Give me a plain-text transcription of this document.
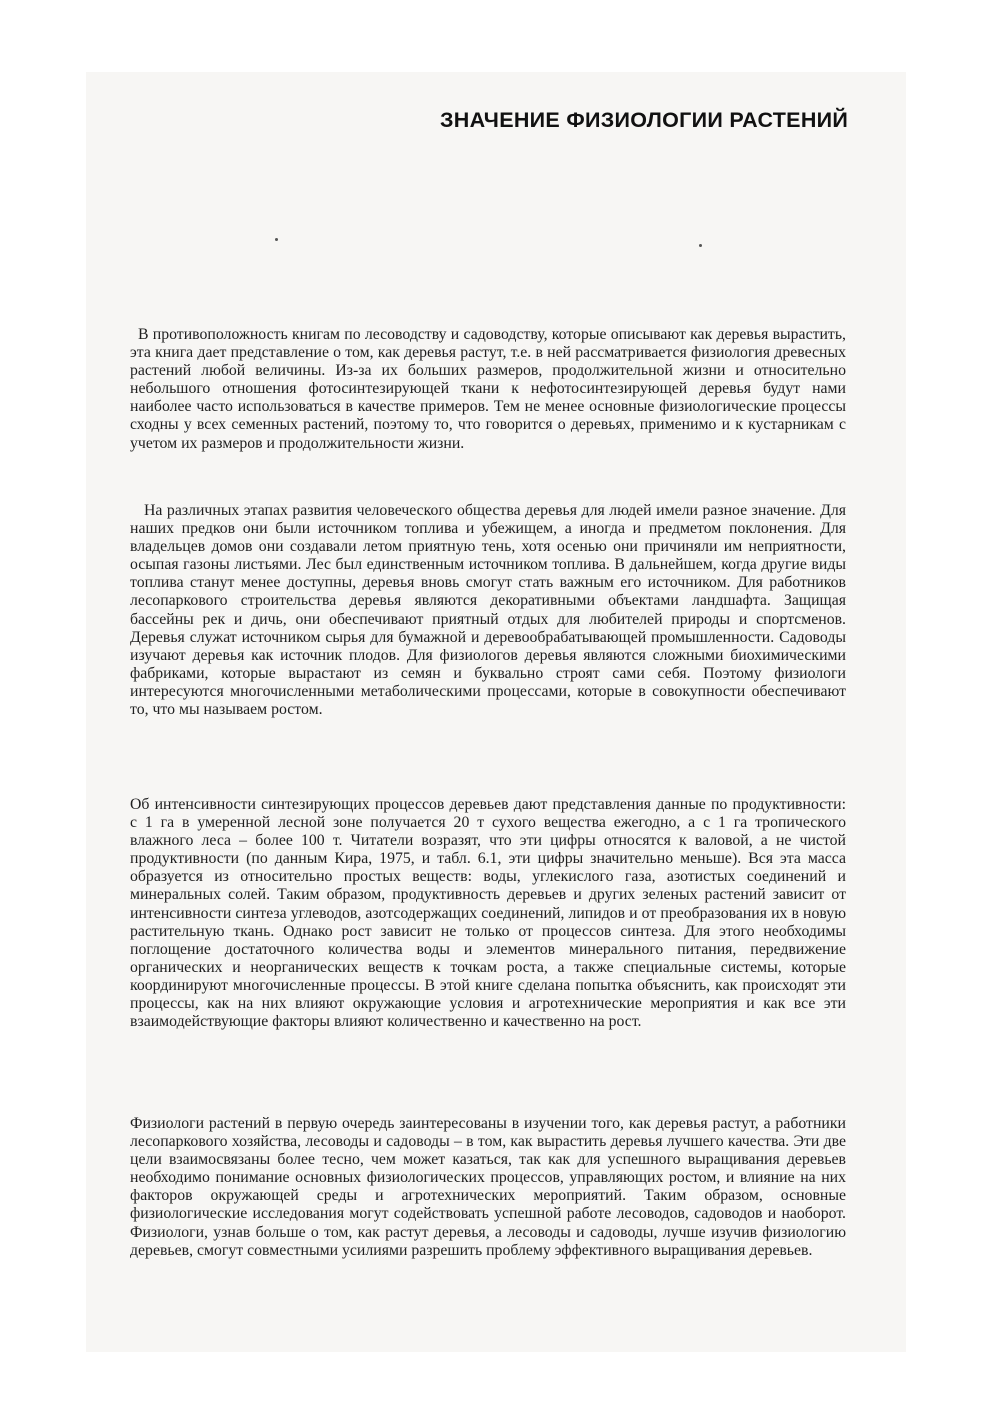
ЗНАЧЕНИЕ ФИЗИОЛОГИИ РАСТЕНИЙ

В противоположность книгам по лесоводству и садоводству, которые описывают как деревья вырастить, эта книга дает представление о том, как деревья растут, т.е. в ней рассматривается физиология древесных растений любой величины. Из-за их больших размеров, продолжительной жизни и относительно небольшого отношения фотосинтезирующей ткани к нефотосинтезирующей деревья будут нами наиболее часто использоваться в качестве примеров. Тем не менее основные физиологические процессы сходны у всех семенных растений, поэтому то, что говорится о деревьях, применимо и к кустарникам с учетом их размеров и продолжительности жизни.

На различных этапах развития человеческого общества деревья для людей имели разное значение. Для наших предков они были источником топлива и убежищем, а иногда и предметом поклонения. Для владельцев домов они создавали летом приятную тень, хотя осенью они причиняли им неприятности, осыпая газоны листьями. Лес был единственным источником топлива. В дальнейшем, когда другие виды топлива станут менее доступны, деревья вновь смогут стать важным его источником. Для работников лесопаркового строительства деревья являются декоративными объектами ландшафта. Защищая бассейны рек и дичь, они обеспечивают приятный отдых для любителей природы и спортсменов. Деревья служат источником сырья для бумажной и деревообрабатывающей промышленности. Садоводы изучают деревья как источник плодов. Для физиологов деревья являются сложными биохимическими фабриками, которые вырастают из семян и буквально строят сами себя. Поэтому физиологи интересуются многочисленными метаболическими процессами, которые в совокупности обеспечивают то, что мы называем ростом.

Об интенсивности синтезирующих процессов деревьев дают представления данные по продуктивности: с 1 га в умеренной лесной зоне получается 20 т сухого вещества ежегодно, а с 1 га тропического влажного леса – более 100 т. Читатели возразят, что эти цифры относятся к валовой, а не чистой продуктивности (по данным Кира, 1975, и табл. 6.1, эти цифры значительно меньше). Вся эта масса образуется из относительно простых веществ: воды, углекислого газа, азотистых соединений и минеральных солей. Таким образом, продуктивность деревьев и других зеленых растений зависит от интенсивности синтеза углеводов, азотсодержащих соединений, липидов и от преобразования их в новую растительную ткань. Однако рост зависит не только от процессов синтеза. Для этого необходимы поглощение достаточного количества воды и элементов минерального питания, передвижение органических и неорганических веществ к точкам роста, а также специальные системы, которые координируют многочисленные процессы. В этой книге сделана попытка объяснить, как происходят эти процессы, как на них влияют окружающие условия и агротехнические мероприятия и как все эти взаимодействующие факторы влияют количественно и качественно на рост.

Физиологи растений в первую очередь заинтересованы в изучении того, как деревья растут, а работники лесопаркового хозяйства, лесоводы и садоводы – в том, как вырастить деревья лучшего качества. Эти две цели взаимосвязаны более тесно, чем может казаться, так как для успешного выращивания деревьев необходимо понимание основных физиологических процессов, управляющих ростом, и влияние на них факторов окружающей среды и агротехнических мероприятий. Таким образом, основные физиологические исследования могут содействовать успешной работе лесоводов, садоводов и наоборот. Физиологи, узнав больше о том, как растут деревья, а лесоводы и садоводы, лучше изучив физиологию деревьев, смогут совместными усилиями разрешить проблему эффективного выращивания деревьев.
